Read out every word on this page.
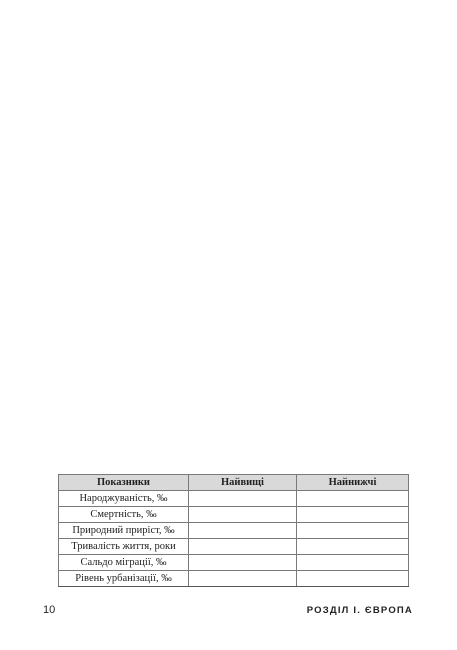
Показники	Найвищі	Найнижчі
Народжуваність, ‰		
Смертність, ‰		
Природний приріст, ‰		
Тривалість життя, роки		
Сальдо міграції, ‰		
Рівень урбанізації, ‰		
10	РОЗДІЛ І. ЄВРОПА
